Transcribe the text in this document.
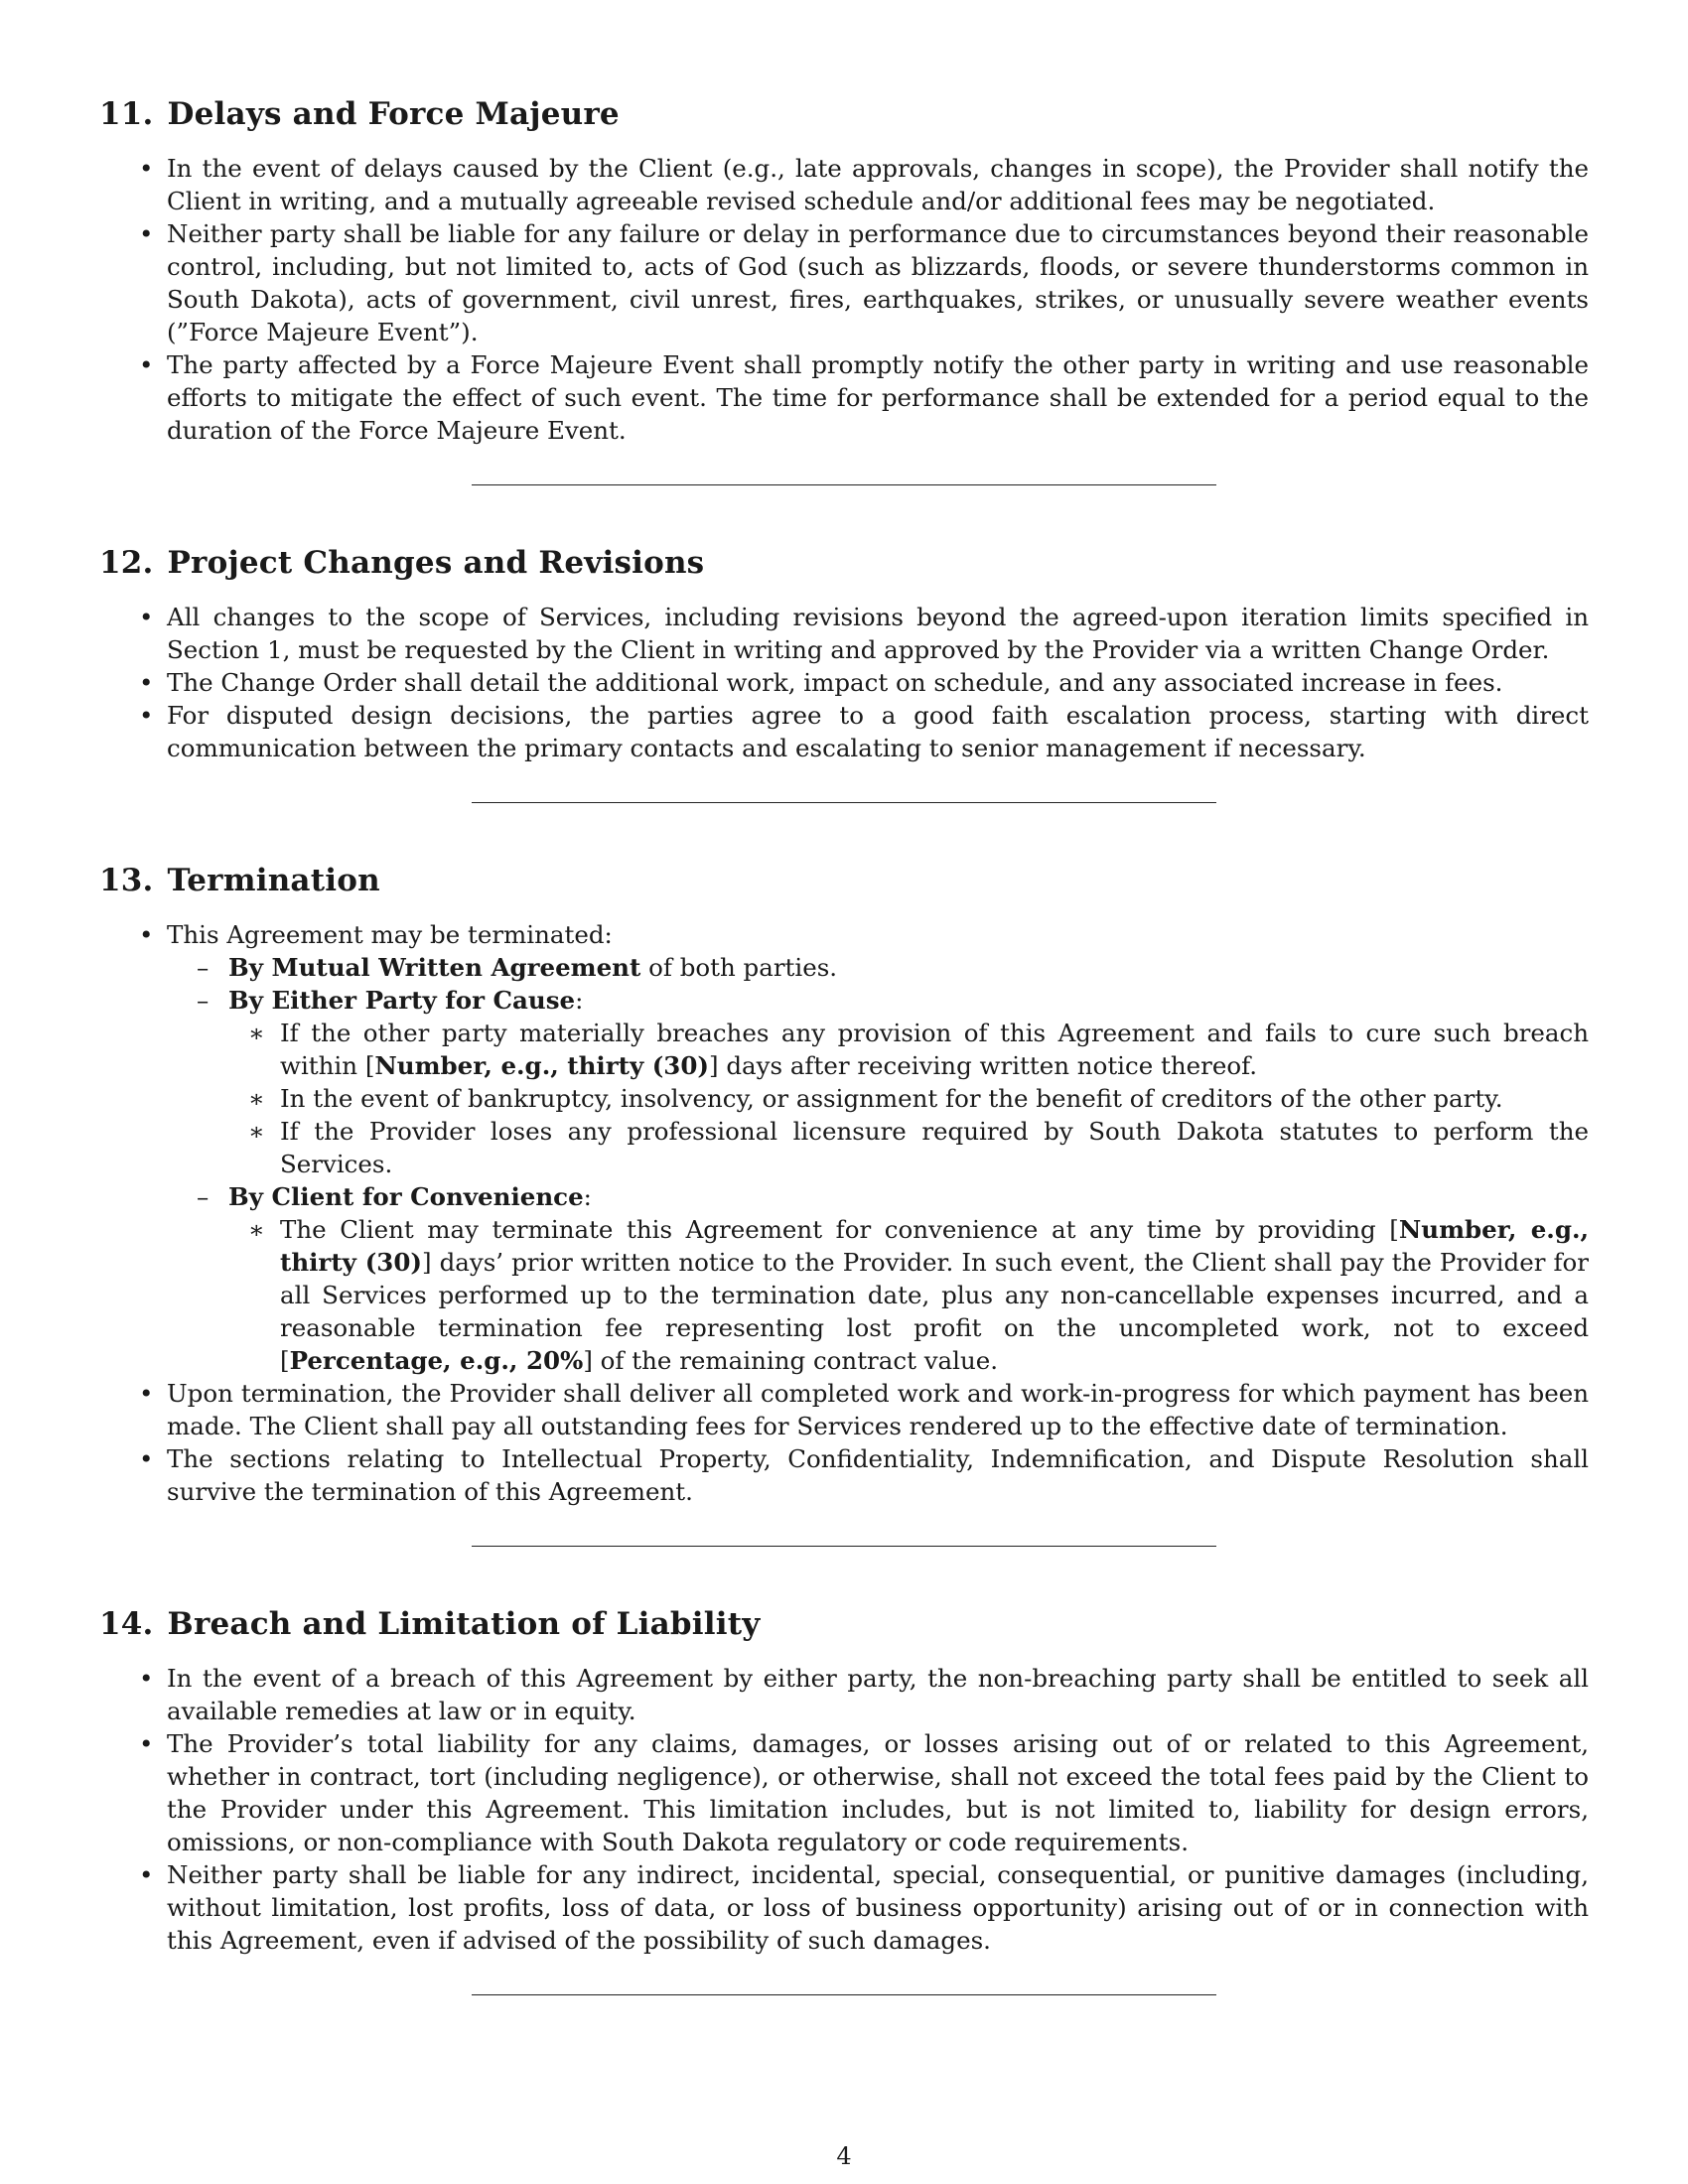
11. Delays and Force Majeure
• In the event of delays caused by the Client (e.g., late approvals, changes in scope), the Provider shall notify the Client in writing, and a mutually agreeable revised schedule and/or additional fees may be negotiated.
• Neither party shall be liable for any failure or delay in performance due to circumstances beyond their reasonable control, including, but not limited to, acts of God (such as blizzards, floods, or severe thunderstorms common in South Dakota), acts of government, civil unrest, fires, earthquakes, strikes, or unusually severe weather events (”Force Majeure Event”).
• The party affected by a Force Majeure Event shall promptly notify the other party in writing and use reasonable efforts to mitigate the effect of such event. The time for performance shall be extended for a period equal to the duration of the Force Majeure Event.
12. Project Changes and Revisions
• All changes to the scope of Services, including revisions beyond the agreed-upon iteration limits specified in Section 1, must be requested by the Client in writing and approved by the Provider via a written Change Order.
• The Change Order shall detail the additional work, impact on schedule, and any associated increase in fees.
• For disputed design decisions, the parties agree to a good faith escalation process, starting with direct communication between the primary contacts and escalating to senior management if necessary.
13. Termination
• This Agreement may be terminated:
– By Mutual Written Agreement of both parties.
– By Either Party for Cause:
∗ If the other party materially breaches any provision of this Agreement and fails to cure such breach within [Number, e.g., thirty (30)] days after receiving written notice thereof.
∗ In the event of bankruptcy, insolvency, or assignment for the benefit of creditors of the other party.
∗ If the Provider loses any professional licensure required by South Dakota statutes to perform the Services.
– By Client for Convenience:
∗ The Client may terminate this Agreement for convenience at any time by providing [Number, e.g., thirty (30)] days’ prior written notice to the Provider. In such event, the Client shall pay the Provider for all Services performed up to the termination date, plus any non-cancellable expenses incurred, and a reasonable termination fee representing lost profit on the uncompleted work, not to exceed [Percentage, e.g., 20%] of the remaining contract value.
• Upon termination, the Provider shall deliver all completed work and work-in-progress for which payment has been made. The Client shall pay all outstanding fees for Services rendered up to the effective date of termination.
• The sections relating to Intellectual Property, Confidentiality, Indemnification, and Dispute Resolution shall survive the termination of this Agreement.
14. Breach and Limitation of Liability
• In the event of a breach of this Agreement by either party, the non-breaching party shall be entitled to seek all available remedies at law or in equity.
• The Provider’s total liability for any claims, damages, or losses arising out of or related to this Agreement, whether in contract, tort (including negligence), or otherwise, shall not exceed the total fees paid by the Client to the Provider under this Agreement. This limitation includes, but is not limited to, liability for design errors, omissions, or non-compliance with South Dakota regulatory or code requirements.
• Neither party shall be liable for any indirect, incidental, special, consequential, or punitive damages (including, without limitation, lost profits, loss of data, or loss of business opportunity) arising out of or in connection with this Agreement, even if advised of the possibility of such damages.
4
